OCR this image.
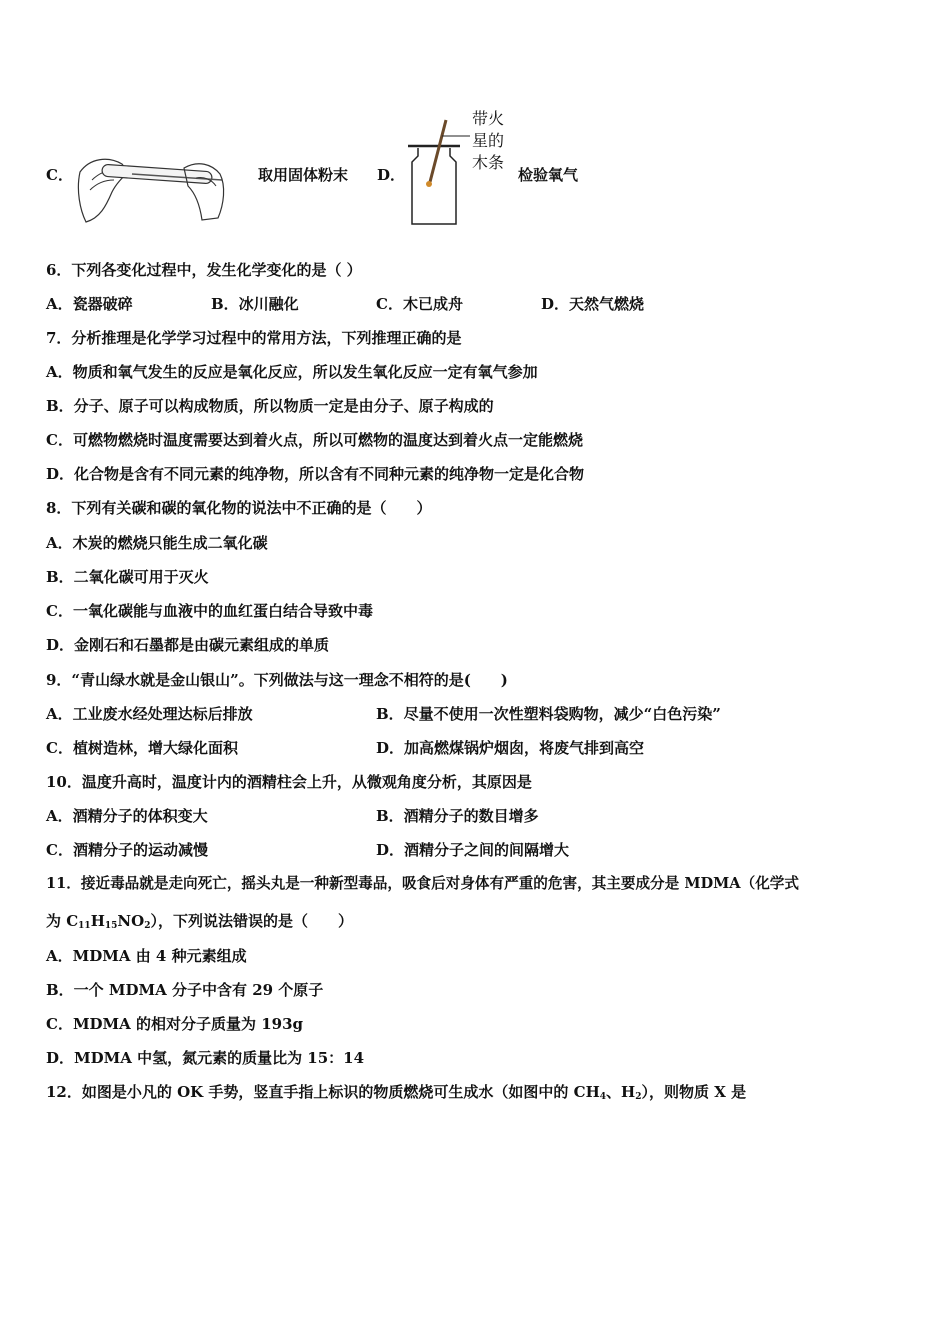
C．	取用固体粉末 D．
带火
星的
木条
检验氧气
6．下列各变化过程中，发生化学变化的是（ ）
A．瓷器破碎	B．冰川融化	C．木已成舟	D．天然气燃烧
7．分析推理是化学学习过程中的常用方法，下列推理正确的是
A．物质和氧气发生的反应是氧化反应，所以发生氧化反应一定有氧气参加
B．分子、原子可以构成物质，所以物质一定是由分子、原子构成的
C．可燃物燃烧时温度需要达到着火点，所以可燃物的温度达到着火点一定能燃烧
D．化合物是含有不同元素的纯净物，所以含有不同种元素的纯净物一定是化合物
8．下列有关碳和碳的氧化物的说法中不正确的是（　　）
A．木炭的燃烧只能生成二氧化碳
B．二氧化碳可用于灭火
C．一氧化碳能与血液中的血红蛋白结合导致中毒
D．金刚石和石墨都是由碳元素组成的单质
9．“青山绿水就是金山银山”。下列做法与这一理念不相符的是(　　)
A．工业废水经处理达标后排放	B．尽量不使用一次性塑料袋购物，减少“白色污染”
C．植树造林，增大绿化面积	D．加高燃煤锅炉烟囱，将废气排到高空
10．温度升高时，温度计内的酒精柱会上升，从微观角度分析，其原因是
A．酒精分子的体积变大	B．酒精分子的数目增多
C．酒精分子的运动减慢	D．酒精分子之间的间隔增大
11．接近毒品就是走向死亡，摇头丸是一种新型毒品，吸食后对身体有严重的危害，其主要成分是 MDMA（化学式
为 $C_{11}H_{15}NO_2$），下列说法错误的是（　　）
A．MDMA 由 4 种元素组成
B．一个 MDMA 分子中含有 29 个原子
C．MDMA 的相对分子质量为 193g
D．MDMA 中氢，氮元素的质量比为 15：14
12．如图是小凡的 OK 手势，竖直手指上标识的物质燃烧可生成水（如图中的 $CH_4$、$H_2$），则物质 X 是
